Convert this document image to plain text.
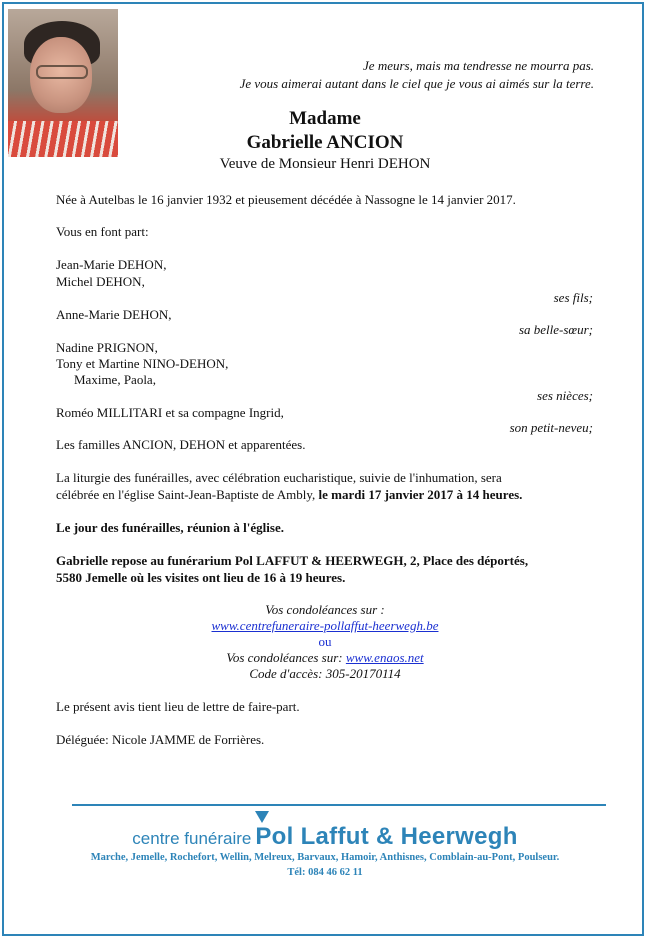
Je meurs, mais ma tendresse ne mourra pas.
Je vous aimerai autant dans le ciel que je vous ai aimés sur la terre.
Madame
Gabrielle ANCION
Veuve de Monsieur Henri DEHON
Née à Autelbas le 16 janvier 1932 et pieusement décédée à Nassogne le 14 janvier 2017.
Vous en font part:
Jean-Marie DEHON,
Michel DEHON,
ses fils;
Anne-Marie DEHON,
sa belle-sœur;
Nadine PRIGNON,
Tony et Martine NINO-DEHON,
Maxime, Paola,
ses nièces;
Roméo MILLITARI et sa compagne Ingrid,
son petit-neveu;
Les familles ANCION, DEHON et apparentées.
La liturgie des funérailles, avec célébration eucharistique, suivie de l'inhumation, sera
célébrée en l'église Saint-Jean-Baptiste de Ambly, le mardi 17 janvier 2017 à 14 heures.
Le jour des funérailles, réunion à l'église.
Gabrielle repose au funérarium Pol LAFFUT & HEERWEGH, 2, Place des déportés,
5580 Jemelle où les visites ont lieu de 16 à 19 heures.
Vos condoléances sur :
www.centrefuneraire-pollaffut-heerwegh.be
ou
Vos condoléances sur: www.enaos.net
Code d'accès: 305-20170114
Le présent avis tient lieu de lettre de faire-part.
Déléguée: Nicole JAMME de Forrières.
centre funéraire Pol Laffut & Heerwegh
Marche, Jemelle, Rochefort, Wellin, Melreux, Barvaux, Hamoir, Anthisnes, Comblain-au-Pont, Poulseur.
Tél: 084 46 62 11
